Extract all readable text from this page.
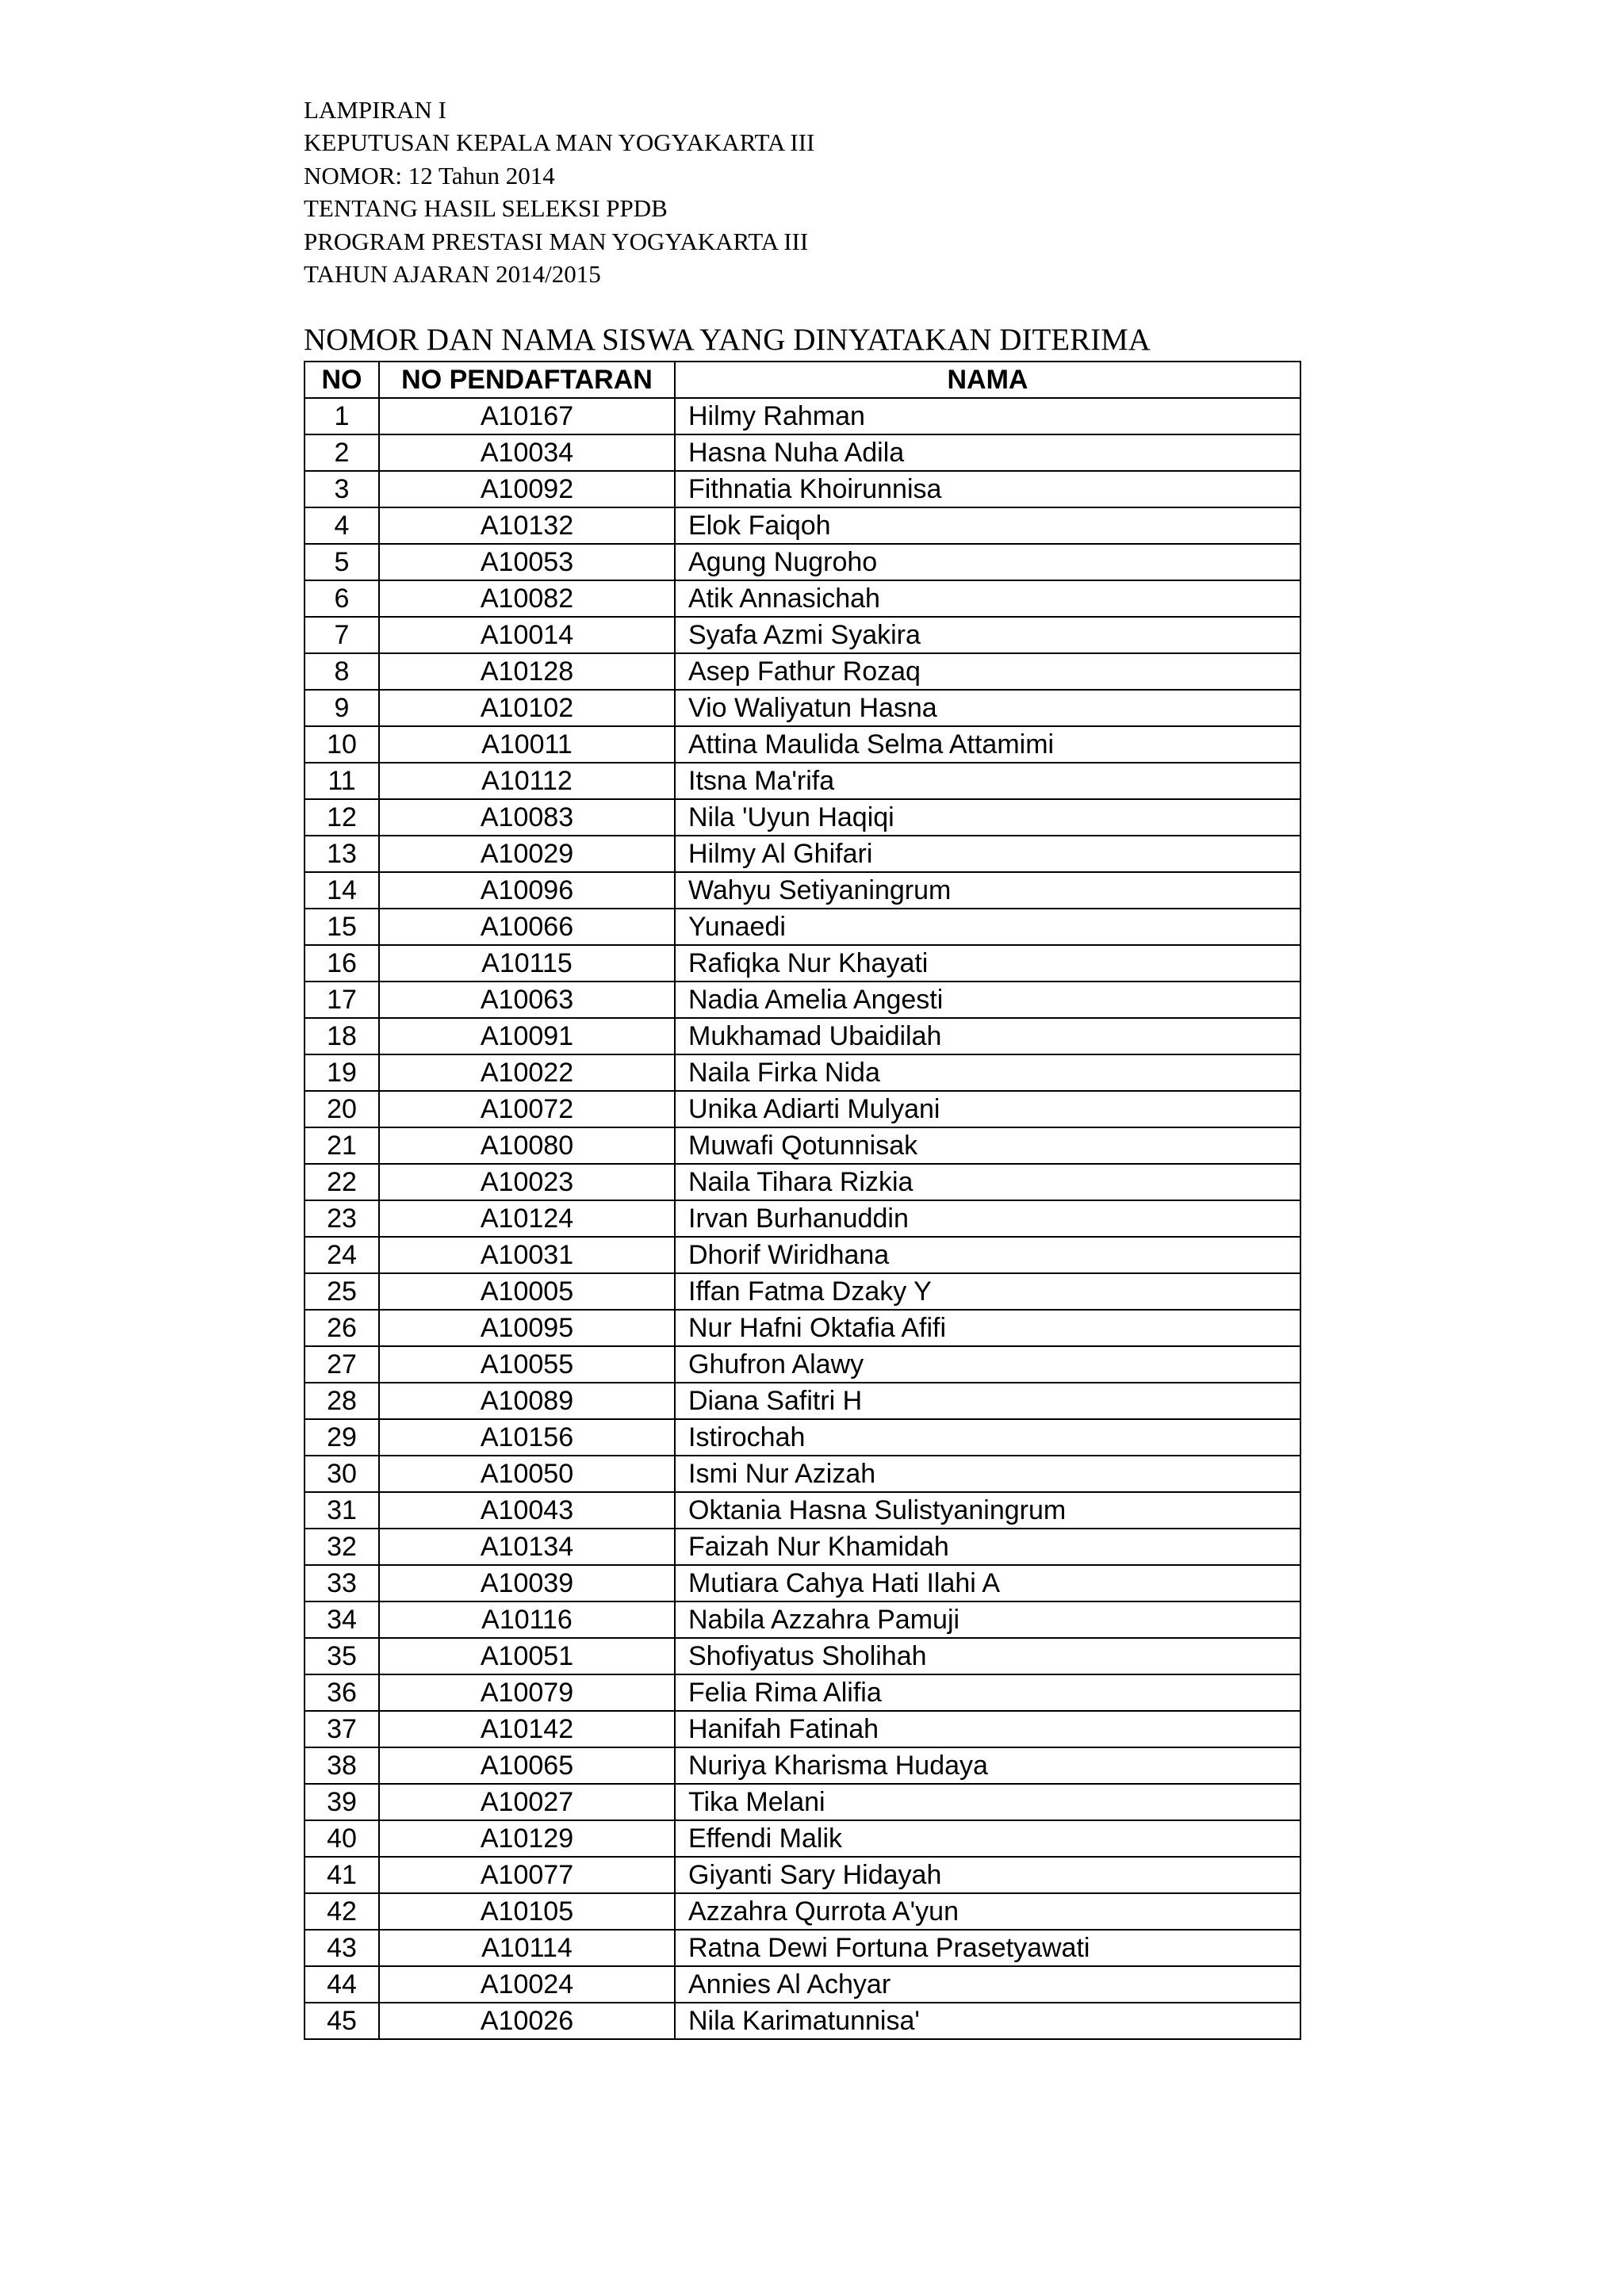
LAMPIRAN I
KEPUTUSAN KEPALA MAN YOGYAKARTA III
NOMOR: 12 Tahun 2014
TENTANG HASIL SELEKSI PPDB
PROGRAM PRESTASI MAN YOGYAKARTA III
TAHUN AJARAN 2014/2015
NOMOR DAN NAMA SISWA YANG DINYATAKAN DITERIMA
NO	NO PENDAFTARAN	NAMA
1	A10167	Hilmy Rahman
2	A10034	Hasna Nuha Adila
3	A10092	Fithnatia Khoirunnisa
4	A10132	Elok Faiqoh
5	A10053	Agung Nugroho
6	A10082	Atik Annasichah
7	A10014	Syafa Azmi Syakira
8	A10128	Asep Fathur Rozaq
9	A10102	Vio Waliyatun Hasna
10	A10011	Attina Maulida Selma Attamimi
11	A10112	Itsna Ma'rifa
12	A10083	Nila 'Uyun Haqiqi
13	A10029	Hilmy Al Ghifari
14	A10096	Wahyu Setiyaningrum
15	A10066	Yunaedi
16	A10115	Rafiqka Nur Khayati
17	A10063	Nadia Amelia Angesti
18	A10091	Mukhamad Ubaidilah
19	A10022	Naila Firka Nida
20	A10072	Unika Adiarti Mulyani
21	A10080	Muwafi Qotunnisak
22	A10023	Naila Tihara Rizkia
23	A10124	Irvan Burhanuddin
24	A10031	Dhorif Wiridhana
25	A10005	Iffan Fatma Dzaky Y
26	A10095	Nur Hafni Oktafia Afifi
27	A10055	Ghufron Alawy
28	A10089	Diana Safitri H
29	A10156	Istirochah
30	A10050	Ismi Nur Azizah
31	A10043	Oktania Hasna Sulistyaningrum
32	A10134	Faizah Nur Khamidah
33	A10039	Mutiara Cahya Hati Ilahi A
34	A10116	Nabila Azzahra Pamuji
35	A10051	Shofiyatus Sholihah
36	A10079	Felia Rima Alifia
37	A10142	Hanifah Fatinah
38	A10065	Nuriya Kharisma Hudaya
39	A10027	Tika Melani
40	A10129	Effendi Malik
41	A10077	Giyanti Sary Hidayah
42	A10105	Azzahra Qurrota A'yun
43	A10114	Ratna Dewi Fortuna Prasetyawati
44	A10024	Annies Al Achyar
45	A10026	Nila Karimatunnisa'
